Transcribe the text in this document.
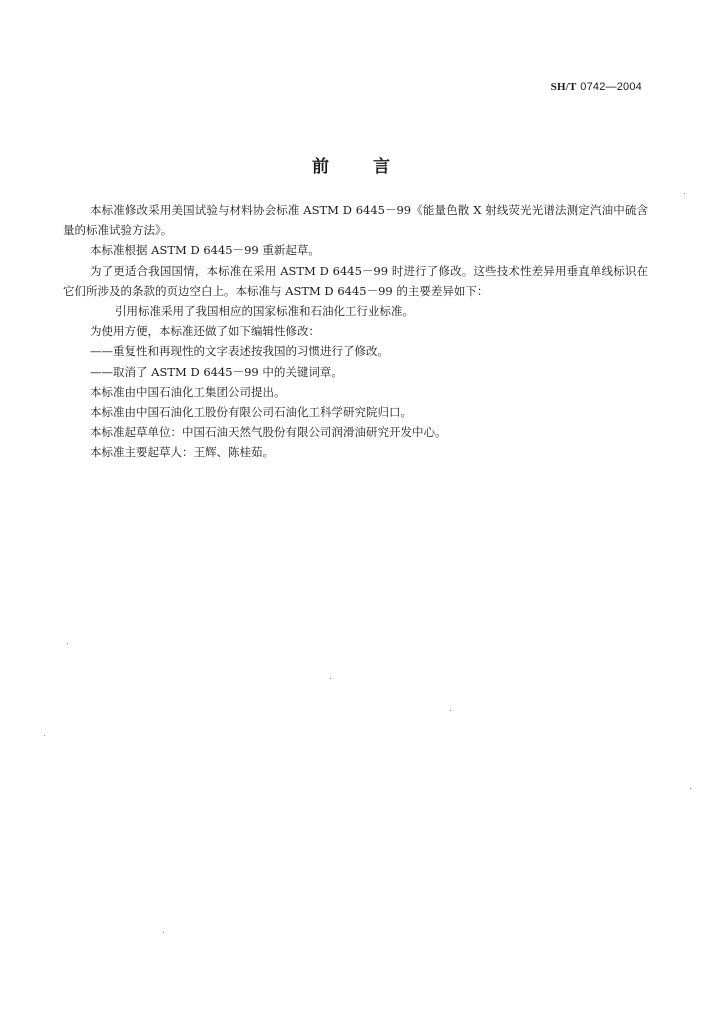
SH/T 0742—2004
前言

本标准修改采用美国试验与材料协会标准 ASTM D 6445－99《能量色散 X 射线荧光光谱法测定汽油中硫含量的标准试验方法》。

本标准根据 ASTM D 6445－99 重新起草。

为了更适合我国国情，本标准在采用 ASTM D 6445－99 时进行了修改。这些技术性差异用垂直单线标识在它们所涉及的条款的页边空白上。本标准与 ASTM D 6445－99 的主要差异如下：

引用标准采用了我国相应的国家标准和石油化工行业标准。

为使用方便，本标准还做了如下编辑性修改：

——重复性和再现性的文字表述按我国的习惯进行了修改。

——取消了 ASTM D 6445－99 中的关键词章。

本标准由中国石油化工集团公司提出。

本标准由中国石油化工股份有限公司石油化工科学研究院归口。

本标准起草单位：中国石油天然气股份有限公司润滑油研究开发中心。

本标准主要起草人：王辉、陈桂茹。
